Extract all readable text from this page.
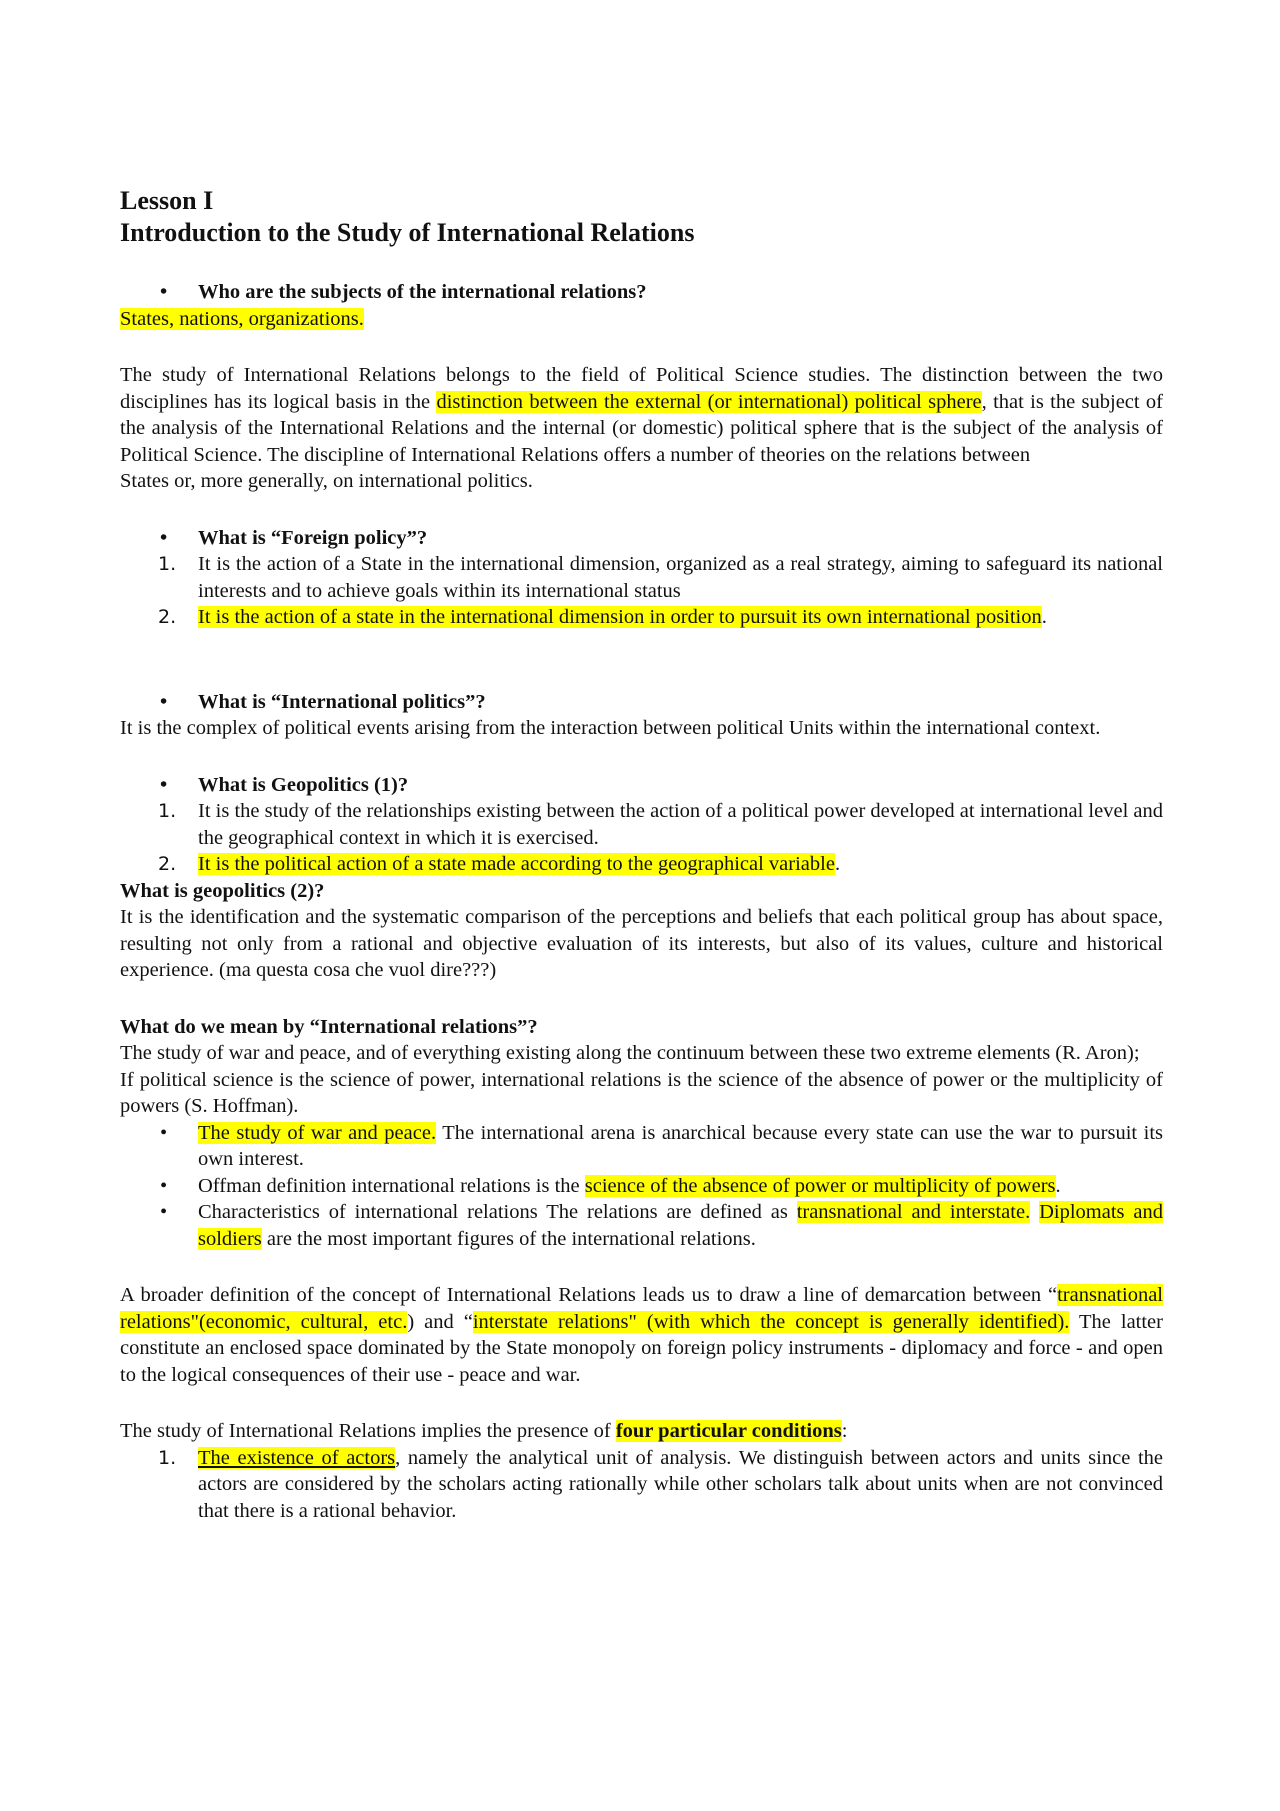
Lesson I
Introduction to the Study of International Relations

•	Who are the subjects of the international relations?

States, nations, organizations.

The study of International Relations belongs to the field of Political Science studies. The distinction between the two disciplines has its logical basis in the distinction between the external (or international) political sphere, that is the subject of the analysis of the International Relations and the internal (or domestic) political sphere that is the subject of the analysis of Political Science. The discipline of International Relations offers a number of theories on the relations between

States or, more generally, on international politics.

•	What is “Foreign policy”?

1.	It is the action of a State in the international dimension, organized as a real strategy, aiming to safeguard its national interests and to achieve goals within its international status

2.	It is the action of a state in the international dimension in order to pursuit its own international position.

•	What is “International politics”?

It is the complex of political events arising from the interaction between political Units within the international context.

•	What is Geopolitics (1)?

1.	It is the study of the relationships existing between the action of a political power developed at international level and the geographical context in which it is exercised.

2.	It is the political action of a state made according to the geographical variable.

What is geopolitics (2)?

It is the identification and the systematic comparison of the perceptions and beliefs that each political group has about space, resulting not only from a rational and objective evaluation of its interests, but also of its values, culture and historical experience. (ma questa cosa che vuol dire???)

What do we mean by “International relations”?

The study of war and peace, and of everything existing along the continuum between these two extreme elements (R. Aron);

If political science is the science of power, international relations is the science of the absence of power or the multiplicity of powers (S. Hoffman).

•	The study of war and peace. The international arena is anarchical because every state can use the war to pursuit its own interest.

•	Offman definition international relations is the science of the absence of power or multiplicity of powers.

•	Characteristics of international relations The relations are defined as transnational and interstate. Diplomats and soldiers are the most important figures of the international relations.

A broader definition of the concept of International Relations leads us to draw a line of demarcation between “transnational relations"(economic, cultural, etc.) and “interstate relations" (with which the concept is generally identified). The latter constitute an enclosed space dominated by the State monopoly on foreign policy instruments - diplomacy and force - and open to the logical consequences of their use - peace and war.

The study of International Relations implies the presence of four particular conditions:

1.	The existence of actors, namely the analytical unit of analysis. We distinguish between actors and units since the actors are considered by the scholars acting rationally while other scholars talk about units when are not convinced that there is a rational behavior.
